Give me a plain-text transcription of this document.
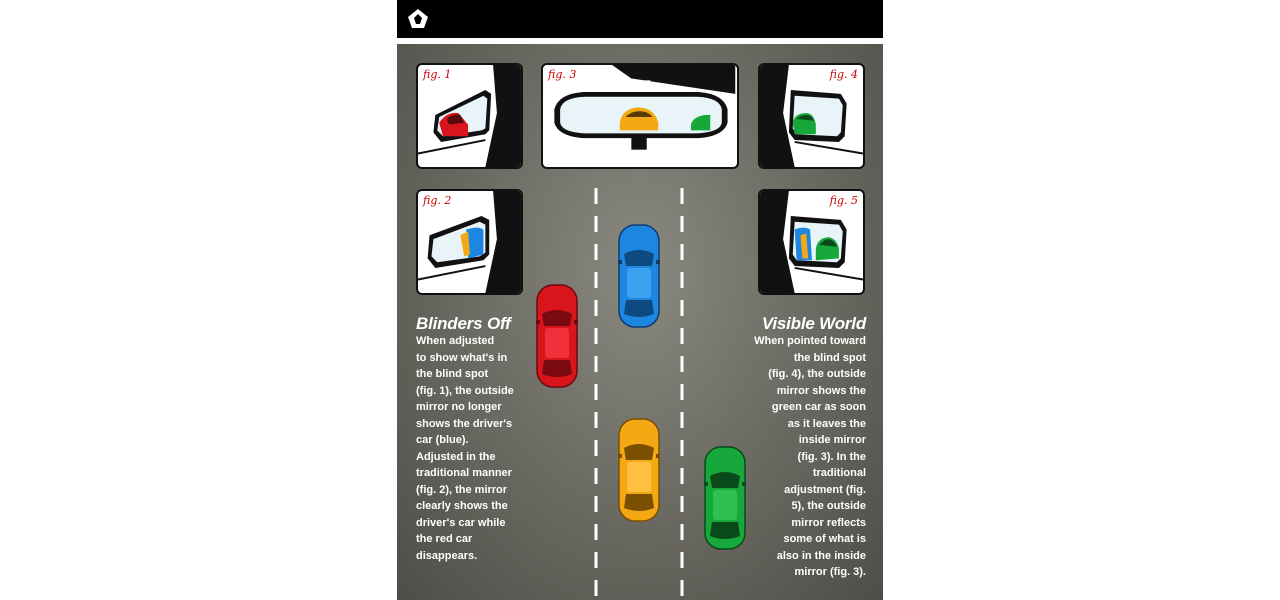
fig. 1	fig. 3	fig. 4
fig. 2	fig. 5
Blinders Off
When adjusted
to show what's in
the blind spot
(fig. 1), the outside
mirror no longer
shows the driver's
car (blue).
Adjusted in the
traditional manner
(fig. 2), the mirror
clearly shows the
driver's car while
the red car
disappears.
Visible World
When pointed toward
the blind spot
(fig. 4), the outside
mirror shows the
green car as soon
as it leaves the
inside mirror
(fig. 3). In the
traditional
adjustment (fig.
5), the outside
mirror reflects
some of what is
also in the inside
mirror (fig. 3).
